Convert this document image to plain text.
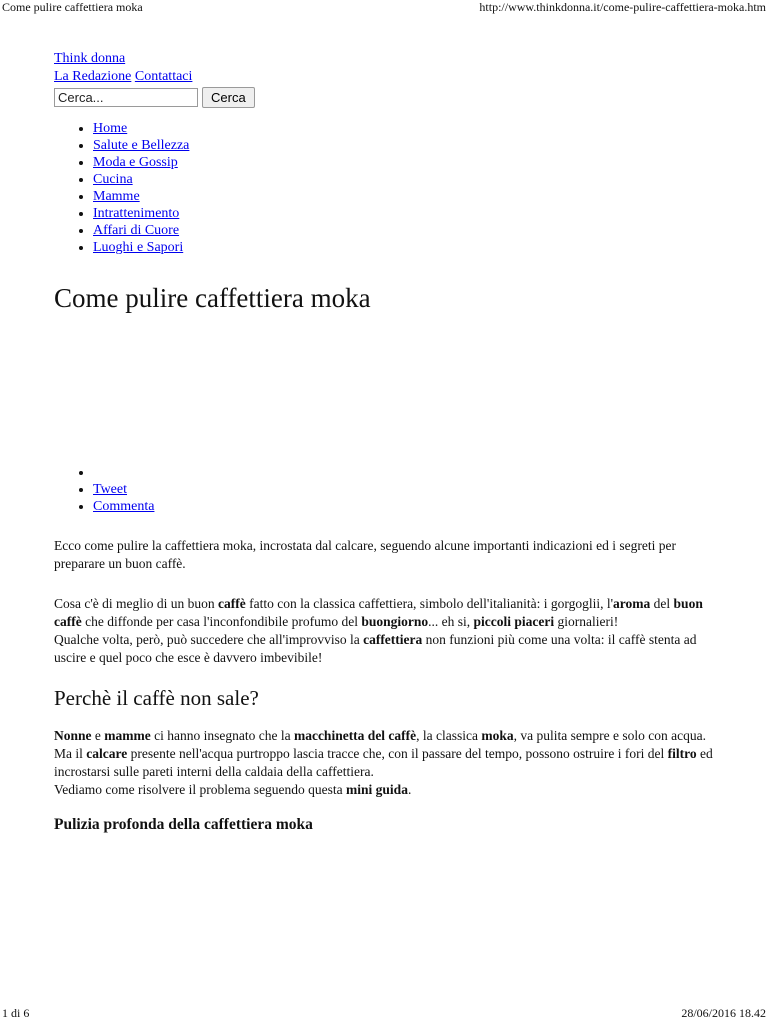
Come pulire caffettiera moka	http://www.thinkdonna.it/come-pulire-caffettiera-moka.htm
Think donna
La Redazione Contattaci
Cerca...
Cerca
• Home
• Salute e Bellezza
• Moda e Gossip
• Cucina
• Mamme
• Intrattenimento
• Affari di Cuore
• Luoghi e Sapori
Come pulire caffettiera moka
•
• Tweet
• Commenta

Ecco come pulire la caffettiera moka, incrostata dal calcare, seguendo alcune importanti indicazioni ed i segreti per preparare un buon caffè.

Cosa c'è di meglio di un buon caffè fatto con la classica caffettiera, simbolo dell'italianità: i gorgoglii, l'aroma del buon caffè che diffonde per casa l'inconfondibile profumo del buongiorno... eh si, piccoli piaceri giornalieri!

Qualche volta, però, può succedere che all'improvviso la caffettiera non funzioni più come una volta: il caffè stenta ad uscire e quel poco che esce è davvero imbevibile!

Perchè il caffè non sale?

Nonne e mamme ci hanno insegnato che la macchinetta del caffè, la classica moka, va pulita sempre e solo con acqua.

Ma il calcare presente nell'acqua purtroppo lascia tracce che, con il passare del tempo, possono ostruire i fori del filtro ed incrostarsi sulle pareti interni della caldaia della caffettiera.

Vediamo come risolvere il problema seguendo questa mini guida.

Pulizia profonda della caffettiera moka
1 di 6	28/06/2016 18.42
